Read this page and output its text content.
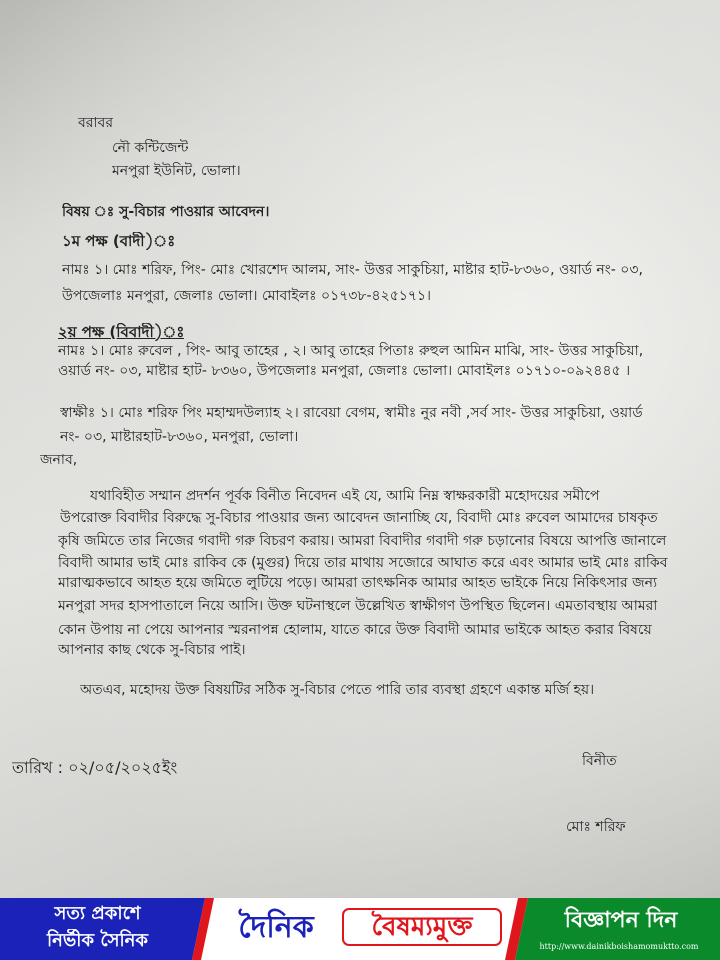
বরাবর
নৌ কন্টিজেন্ট
মনপুরা ইউনিট, ভোলা।
বিষয় ঃ সু-বিচার পাওয়ার আবেদন।
১ম পক্ষ (বাদী)ঃ
নামঃ ১। মোঃ শরিফ, পিং- মোঃ খোরশেদ আলম, সাং- উত্তর সাকুচিয়া, মাষ্টার হাট-৮৩৬০, ওয়ার্ড নং- ০৩,
উপজেলাঃ মনপুরা, জেলাঃ ভোলা। মোবাইলঃ ০১৭৩৮-৪২৫১৭১।
২য় পক্ষ (বিবাদী)ঃ
নামঃ ১। মোঃ রুবেল , পিং- আবু তাহের , ২। আবু তাহের পিতাঃ রুহুল আমিন মাঝি, সাং- উত্তর সাকুচিয়া,
ওয়ার্ড নং- ০৩, মাষ্টার হাট- ৮৩৬০, উপজেলাঃ মনপুরা, জেলাঃ ভোলা। মোবাইলঃ ০১৭১০-০৯২৪৪৫ ।
স্বাক্ষীঃ ১। মোঃ শরিফ পিং মহাম্মদউল্যাহ ২। রাবেয়া বেগম, স্বামীঃ নুর নবী ,সর্ব সাং- উত্তর সাকুচিয়া, ওয়ার্ড
নং- ০৩, মাষ্টারহাট-৮৩৬০, মনপুরা, ভোলা।
জনাব,
যথাবিহীত সম্মান প্রদর্শন পূর্বক বিনীত নিবেদন এই যে, আমি নিম্ন স্বাক্ষরকারী মহোদয়ের সমীপে
উপরোক্ত বিবাদীর বিরুদ্ধে সু-বিচার পাওয়ার জন্য আবেদন জানাচ্ছি যে, বিবাদী মোঃ রুবেল আমাদের চাষকৃত
কৃষি জমিতে তার নিজের গবাদী গরু বিচরণ করায়। আমরা বিবাদীর গবাদী গরু চড়ানোর বিষয়ে আপত্তি জানালে
বিবাদী আমার ভাই মোঃ রাকিব কে (মুগুর) দিয়ে তার মাথায় সজোরে আঘাত করে এবং আমার ভাই মোঃ রাকিব
মারাত্মকভাবে আহত হয়ে জমিতে লুটিয়ে পড়ে। আমরা তাৎক্ষনিক আমার আহত ভাইকে নিয়ে নিকিৎসার জন্য
মনপুরা সদর হাসপাতালে নিয়ে আসি। উক্ত ঘটনাস্থলে উল্লেখিত স্বাক্ষীগণ উপস্থিত ছিলেন। এমতাবস্থায় আমরা
কোন উপায় না পেয়ে আপনার স্মরনাপন্ন হোলাম, যাতে কারে উক্ত বিবাদী আমার ভাইকে আহত করার বিষয়ে
আপনার কাছ থেকে সু-বিচার পাই।
অতএব, মহোদয় উক্ত বিষয়টির সঠিক সু-বিচার পেতে পারি তার ব্যবস্থা গ্রহণে একান্ত মর্জি হয়।
তারিখ : ০২/০৫/২০২৫ইং	বিনীত
মোঃ শরিফ
সত্য প্রকাশে
নির্ভীক সৈনিক	দৈনিক	বৈষম্যমুক্ত	বিজ্ঞাপন দিন
http://www.dainikboishamomuktto.com
